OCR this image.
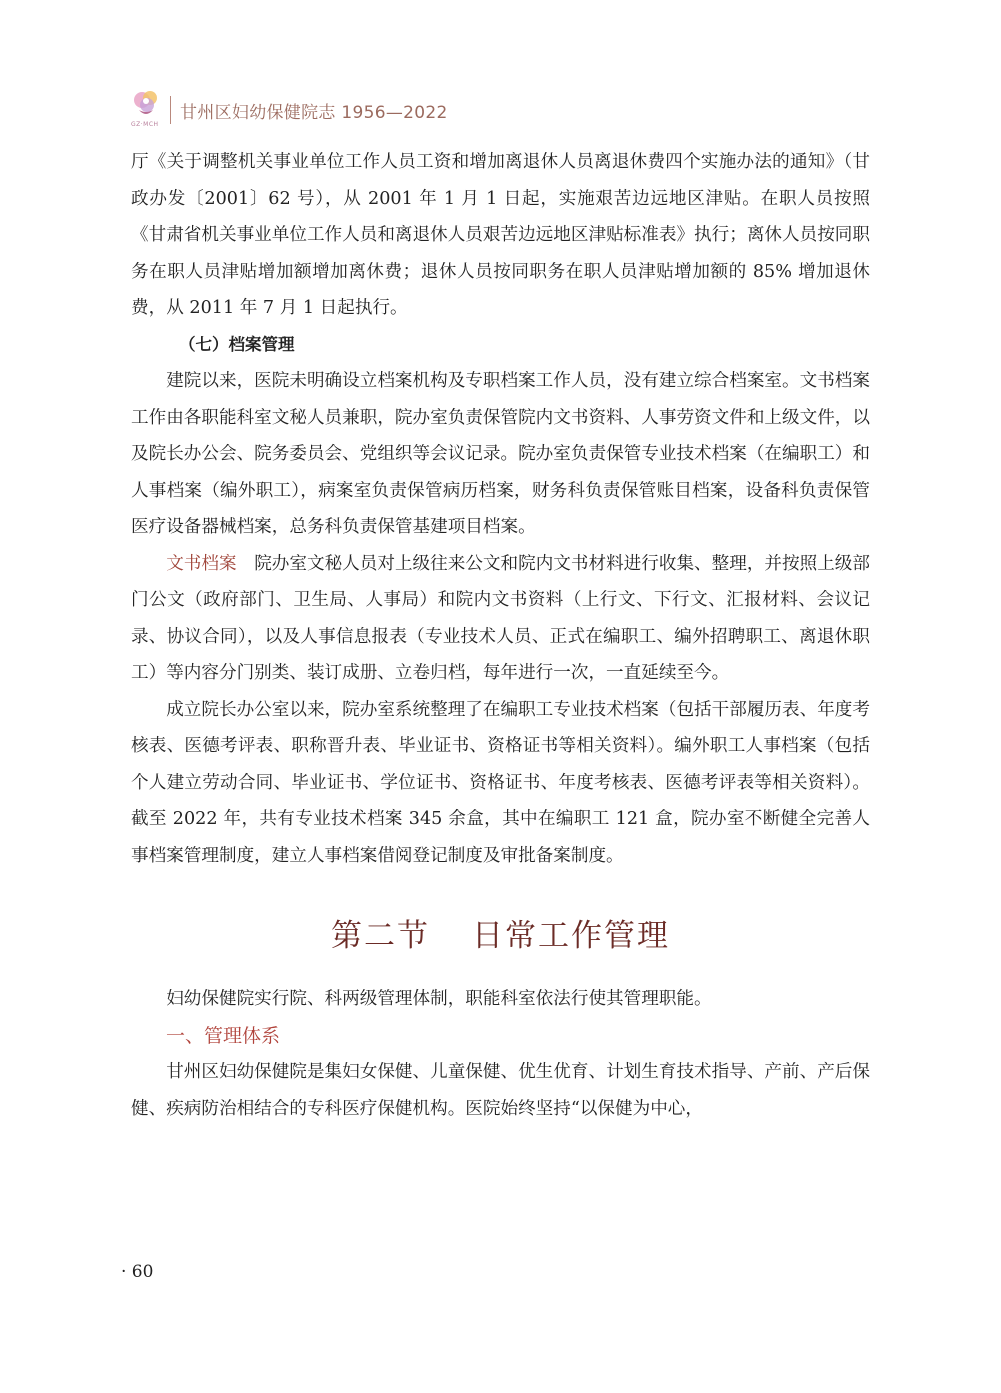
GZ·MCH
甘州区妇幼保健院志 1956—2022

厅《关于调整机关事业单位工作人员工资和增加离退休人员离退休费四个实施办法的通知》（甘政办发〔2001〕62 号），从 2001 年 1 月 1 日起，实施艰苦边远地区津贴。在职人员按照《甘肃省机关事业单位工作人员和离退休人员艰苦边远地区津贴标准表》执行；离休人员按同职务在职人员津贴增加额增加离休费；退休人员按同职务在职人员津贴增加额的 85% 增加退休费，从 2011 年 7 月 1 日起执行。

（七）档案管理

建院以来，医院未明确设立档案机构及专职档案工作人员，没有建立综合档案室。文书档案工作由各职能科室文秘人员兼职，院办室负责保管院内文书资料、人事劳资文件和上级文件，以及院长办公会、院务委员会、党组织等会议记录。院办室负责保管专业技术档案（在编职工）和人事档案（编外职工），病案室负责保管病历档案，财务科负责保管账目档案，设备科负责保管医疗设备器械档案，总务科负责保管基建项目档案。

文书档案　 院办室文秘人员对上级往来公文和院内文书材料进行收集、整理，并按照上级部门公文（政府部门、卫生局、人事局）和院内文书资料（上行文、下行文、汇报材料、会议记录、协议合同），以及人事信息报表（专业技术人员、正式在编职工、编外招聘职工、离退休职工）等内容分门别类、装订成册、立卷归档，每年进行一次，一直延续至今。

成立院长办公室以来，院办室系统整理了在编职工专业技术档案（包括干部履历表、年度考核表、医德考评表、职称晋升表、毕业证书、资格证书等相关资料）。编外职工人事档案（包括个人建立劳动合同、毕业证书、学位证书、资格证书、年度考核表、医德考评表等相关资料）。截至 2022 年，共有专业技术档案 345 余盒，其中在编职工 121 盒，院办室不断健全完善人事档案管理制度，建立人事档案借阅登记制度及审批备案制度。

第二节 日常工作管理

妇幼保健院实行院、科两级管理体制，职能科室依法行使其管理职能。

一、管理体系

甘州区妇幼保健院是集妇女保健、儿童保健、优生优育、计划生育技术指导、产前、产后保健、疾病防治相结合的专科医疗保健机构。医院始终坚持“以保健为中心，

· 60
